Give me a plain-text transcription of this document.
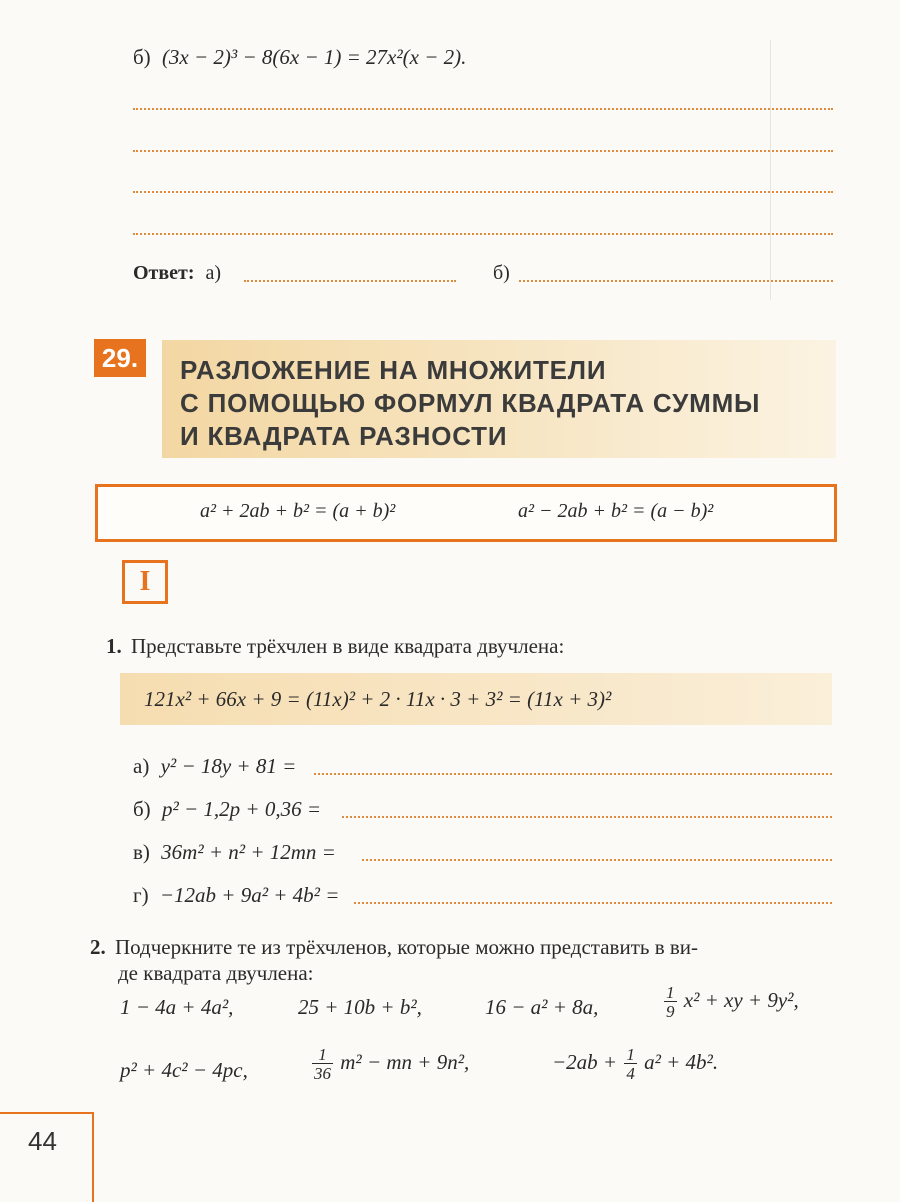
б) (3x − 2)³ − 8(6x − 1) = 27x²(x − 2).
Ответ: а)	б)
29.	РАЗЛОЖЕНИЕ НА МНОЖИТЕЛИ
С ПОМОЩЬЮ ФОРМУЛ КВАДРАТА СУММЫ
И КВАДРАТА РАЗНОСТИ
a² + 2ab + b² = (a + b)²	a² − 2ab + b² = (a − b)²
I
1. Представьте трёхчлен в виде квадрата двучлена:
121x² + 66x + 9 = (11x)² + 2 · 11x · 3 + 3² = (11x + 3)²
а) y² − 18y + 81 =
б) p² − 1,2p + 0,36 =
в) 36m² + n² + 12mn =
г) −12ab + 9a² + 4b² =
2. Подчеркните те из трёхчленов, которые можно представить в ви-
де квадрата двучлена:
1 − 4a + 4a²,	25 + 10b + b²,	16 − a² + 8a,	$\frac{1}{9} x^2$ + xy + 9y²,
p² + 4c² − 4pc,	$\frac{1}{36} m^2$ − mn + 9n²,	$-2ab + \frac{1}{4} a^2 + 4b^2$.
44
